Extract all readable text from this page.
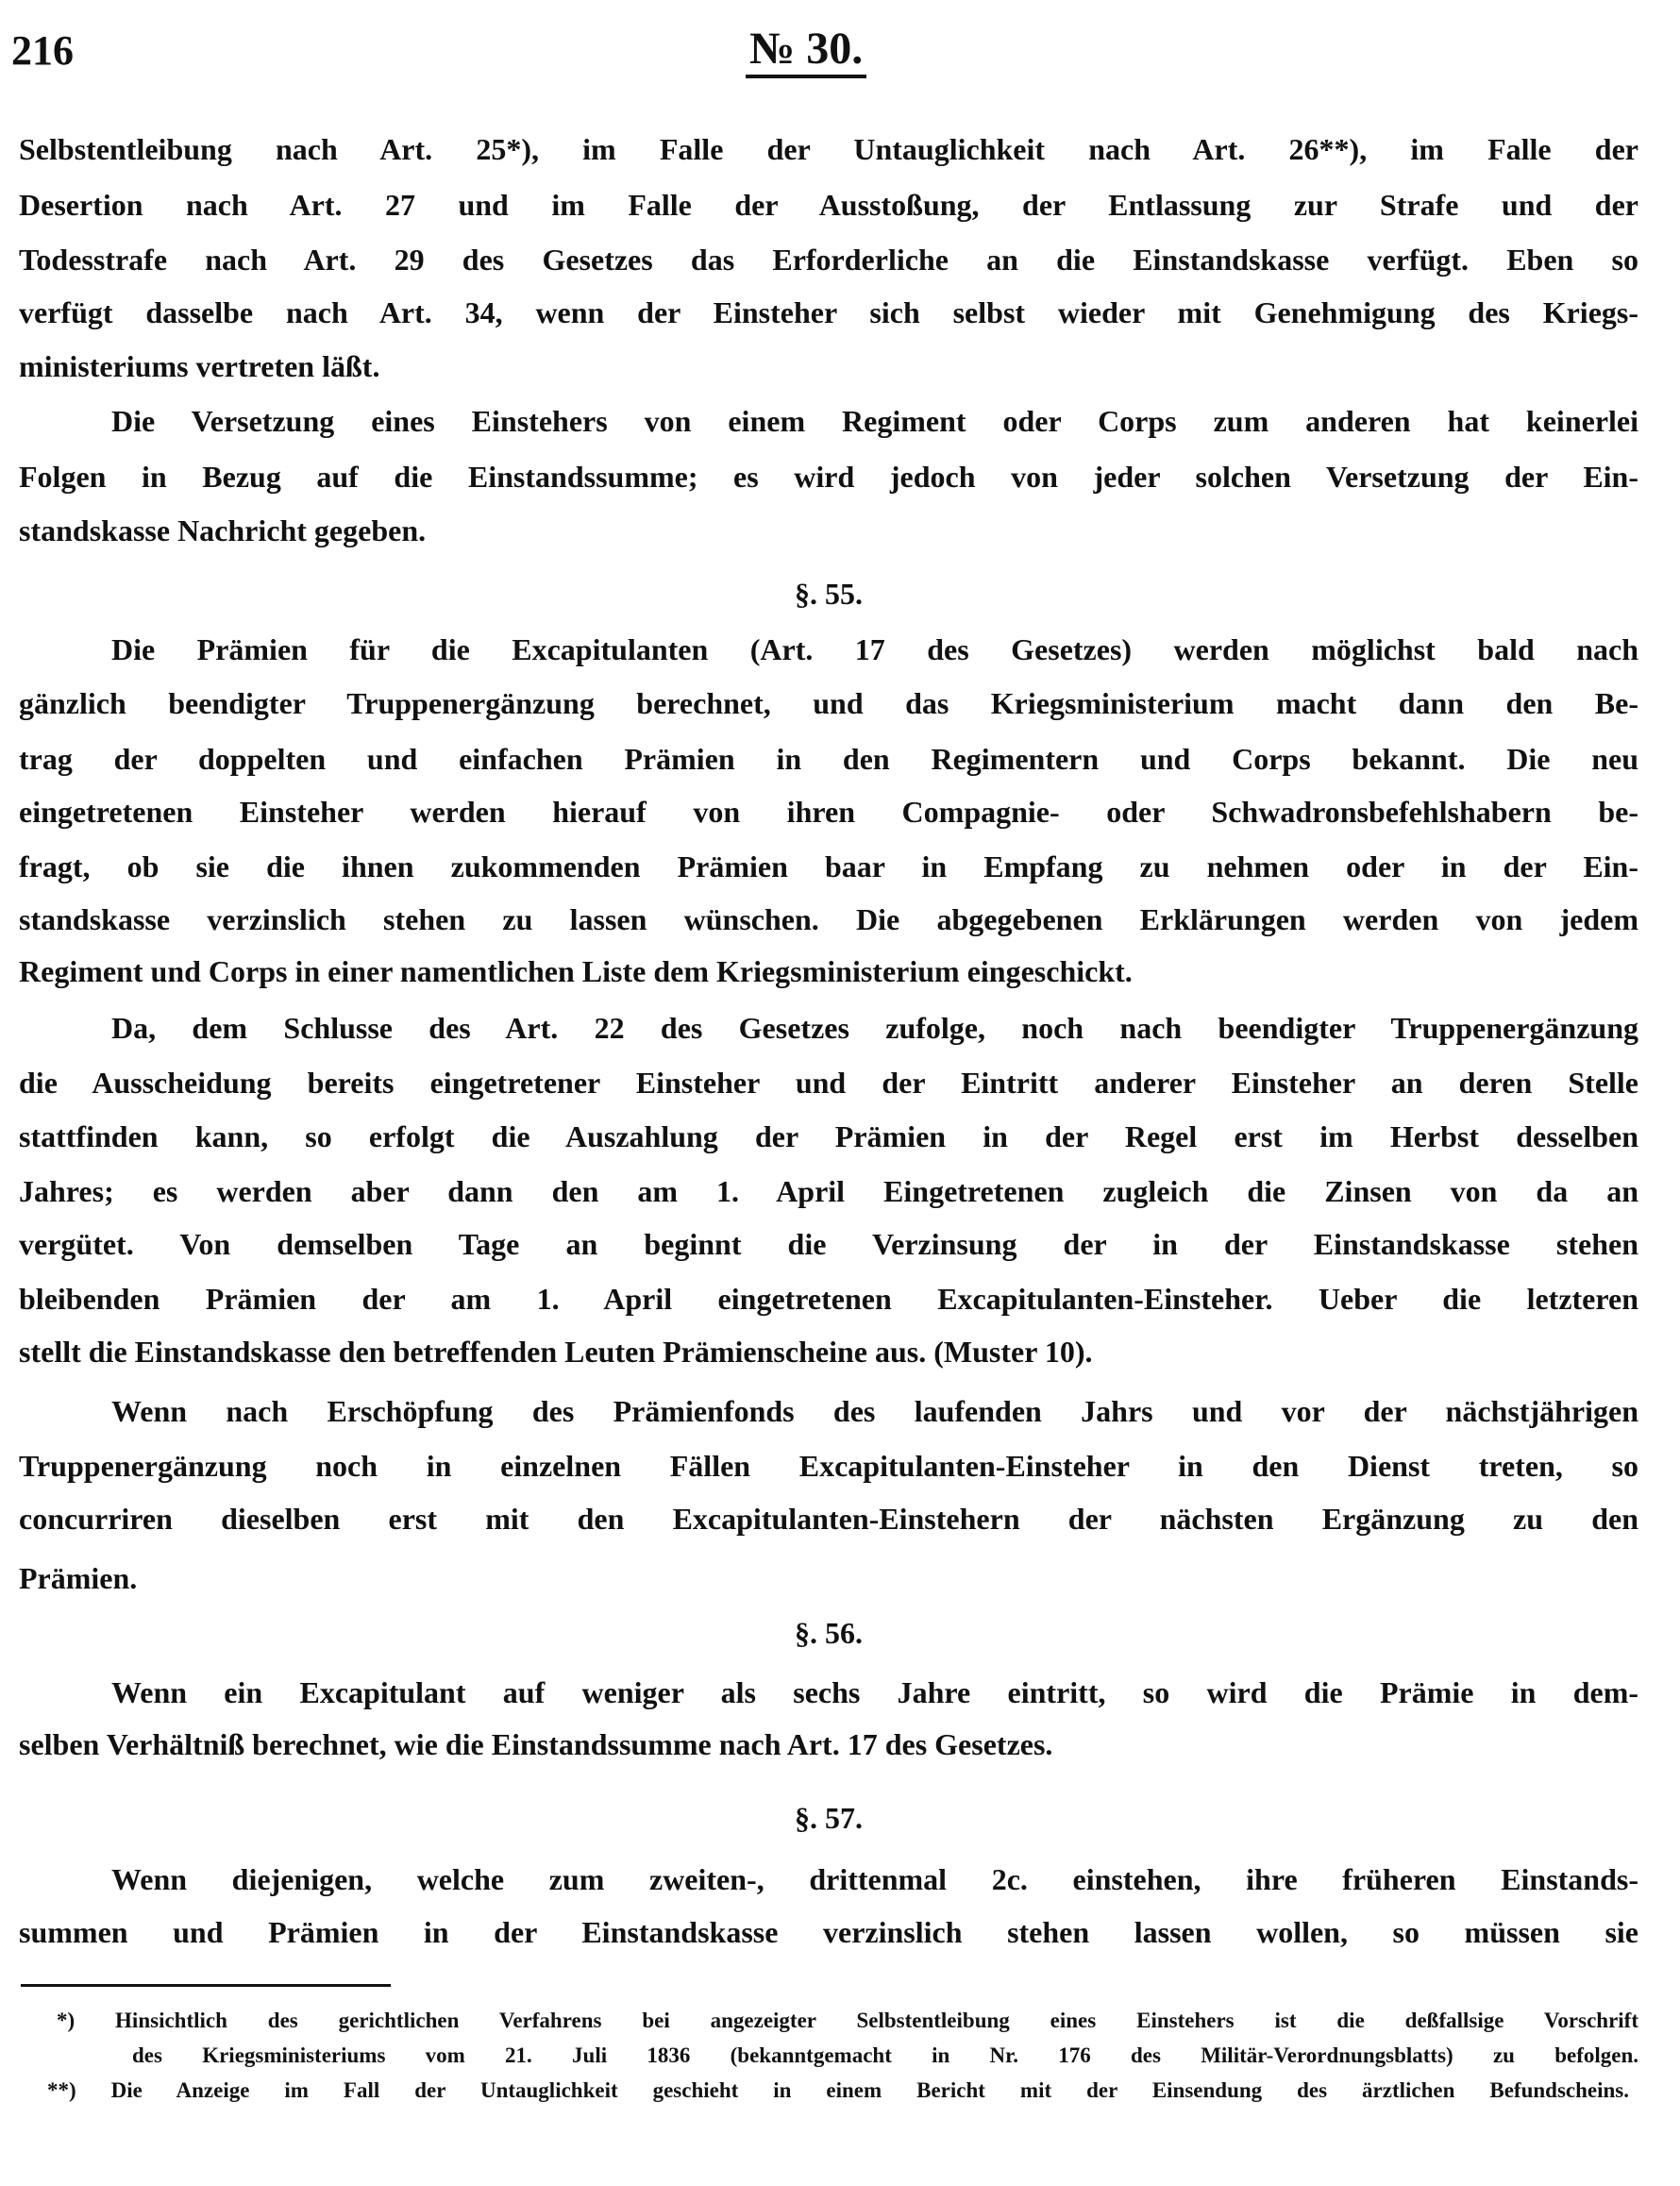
216	№ 30.
Selbstentleibung nach Art. 25*), im Falle der Untauglichkeit nach Art. 26**), im Falle der
Desertion nach Art. 27 und im Falle der Ausstoßung, der Entlassung zur Strafe und der
Todesstrafe nach Art. 29 des Gesetzes das Erforderliche an die Einstandskasse verfügt. Eben so
verfügt dasselbe nach Art. 34, wenn der Einsteher sich selbst wieder mit Genehmigung des Kriegs-
ministeriums vertreten läßt.
Die Versetzung eines Einstehers von einem Regiment oder Corps zum anderen hat keinerlei
Folgen in Bezug auf die Einstandssumme; es wird jedoch von jeder solchen Versetzung der Ein-
standskasse Nachricht gegeben.
§. 55.
Die Prämien für die Excapitulanten (Art. 17 des Gesetzes) werden möglichst bald nach
gänzlich beendigter Truppenergänzung berechnet, und das Kriegsministerium macht dann den Be-
trag der doppelten und einfachen Prämien in den Regimentern und Corps bekannt. Die neu
eingetretenen Einsteher werden hierauf von ihren Compagnie- oder Schwadronsbefehlshabern be-
fragt, ob sie die ihnen zukommenden Prämien baar in Empfang zu nehmen oder in der Ein-
standskasse verzinslich stehen zu lassen wünschen. Die abgegebenen Erklärungen werden von jedem
Regiment und Corps in einer namentlichen Liste dem Kriegsministerium eingeschickt.
Da, dem Schlusse des Art. 22 des Gesetzes zufolge, noch nach beendigter Truppenergänzung
die Ausscheidung bereits eingetretener Einsteher und der Eintritt anderer Einsteher an deren Stelle
stattfinden kann, so erfolgt die Auszahlung der Prämien in der Regel erst im Herbst desselben
Jahres; es werden aber dann den am 1. April Eingetretenen zugleich die Zinsen von da an
vergütet. Von demselben Tage an beginnt die Verzinsung der in der Einstandskasse stehen
bleibenden Prämien der am 1. April eingetretenen Excapitulanten-Einsteher. Ueber die letzteren
stellt die Einstandskasse den betreffenden Leuten Prämienscheine aus. (Muster 10).
Wenn nach Erschöpfung des Prämienfonds des laufenden Jahrs und vor der nächstjährigen
Truppenergänzung noch in einzelnen Fällen Excapitulanten-Einsteher in den Dienst treten, so
concurriren dieselben erst mit den Excapitulanten-Einstehern der nächsten Ergänzung zu den
Prämien.
§. 56.
Wenn ein Excapitulant auf weniger als sechs Jahre eintritt, so wird die Prämie in dem-
selben Verhältniß berechnet, wie die Einstandssumme nach Art. 17 des Gesetzes.
§. 57.
Wenn diejenigen, welche zum zweiten-, drittenmal 2c. einstehen, ihre früheren Einstands-
summen und Prämien in der Einstandskasse verzinslich stehen lassen wollen, so müssen sie
*) Hinsichtlich des gerichtlichen Verfahrens bei angezeigter Selbstentleibung eines Einstehers ist die deßfallsige Vorschrift
des Kriegsministeriums vom 21. Juli 1836 (bekanntgemacht in Nr. 176 des Militär-Verordnungsblatts) zu befolgen.
**) Die Anzeige im Fall der Untauglichkeit geschieht in einem Bericht mit der Einsendung des ärztlichen Befundscheins.
